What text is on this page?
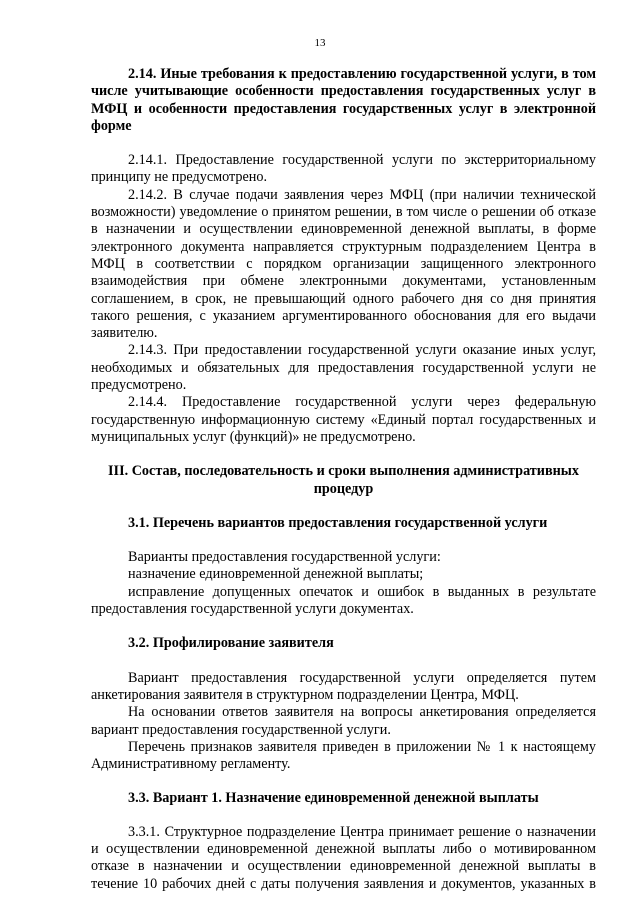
13

2.14. Иные требования к предоставлению государственной услуги, в том числе учитывающие особенности предоставления государственных услуг в МФЦ и особенности предоставления государственных услуг в электронной форме

2.14.1. Предоставление государственной услуги по экстерриториальному принципу не предусмотрено.

2.14.2. В случае подачи заявления через МФЦ (при наличии технической возможности) уведомление о принятом решении, в том числе о решении об отказе в назначении и осуществлении единовременной денежной выплаты, в форме электронного документа направляется структурным подразделением Центра в МФЦ в соответствии с порядком организации защищенного электронного взаимодействия при обмене электронными документами, установленным соглашением, в срок, не превышающий одного рабочего дня со дня принятия такого решения, с указанием аргументированного обоснования для его выдачи заявителю.

2.14.3. При предоставлении государственной услуги оказание иных услуг, необходимых и обязательных для предоставления государственной услуги не предусмотрено.

2.14.4. Предоставление государственной услуги через федеральную государственную информационную систему «Единый портал государственных и муниципальных услуг (функций)» не предусмотрено.

III. Состав, последовательность и сроки выполнения административных

процедур

3.1. Перечень вариантов предоставления государственной услуги

Варианты предоставления государственной услуги:

назначение единовременной денежной выплаты;

исправление допущенных опечаток и ошибок в выданных в результате предоставления государственной услуги документах.

3.2. Профилирование заявителя

Вариант предоставления государственной услуги определяется путем анкетирования заявителя в структурном подразделении Центра, МФЦ.

На основании ответов заявителя на вопросы анкетирования определяется вариант предоставления государственной услуги.

Перечень признаков заявителя приведен в приложении № 1 к настоящему Административному регламенту.

3.3. Вариант 1. Назначение единовременной денежной выплаты

3.3.1. Структурное подразделение Центра принимает решение о назначении и осуществлении единовременной денежной выплаты либо о мотивированном отказе в назначении и осуществлении единовременной денежной выплаты в течение 10 рабочих дней с даты получения заявления и документов, указанных в
